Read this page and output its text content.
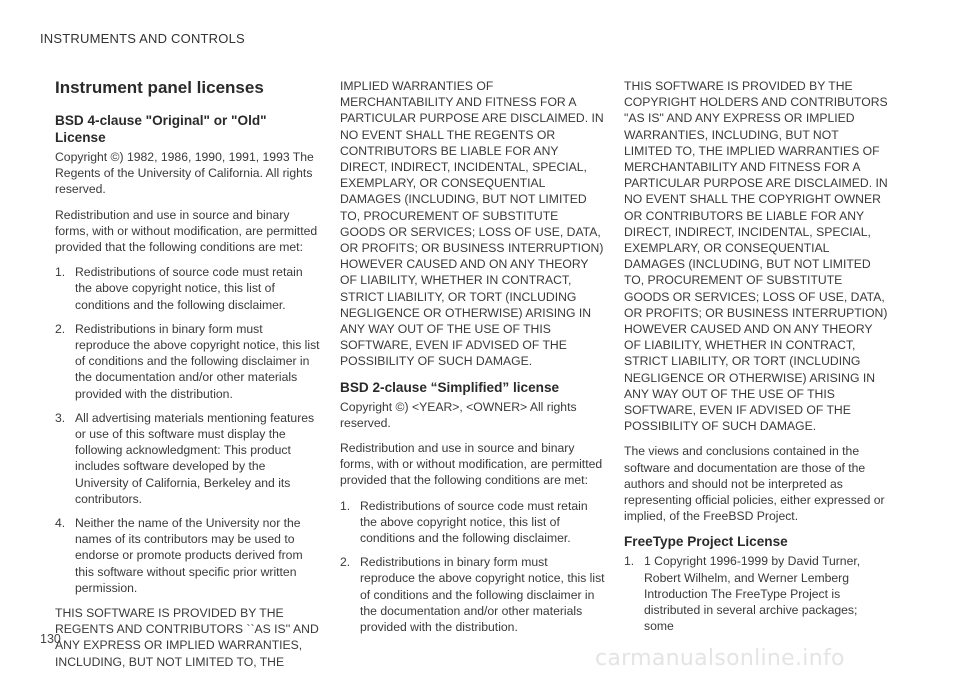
INSTRUMENTS AND CONTROLS
Instrument panel licenses
BSD 4-clause "Original" or "Old" License

Copyright ©) 1982, 1986, 1990, 1991, 1993 The Regents of the University of California. All rights reserved.

Redistribution and use in source and binary forms, with or without modification, are permitted provided that the following conditions are met:

1. Redistributions of source code must retain the above copyright notice, this list of conditions and the following disclaimer.
2. Redistributions in binary form must reproduce the above copyright notice, this list of conditions and the following disclaimer in the documentation and/or other materials provided with the distribution.
3. All advertising materials mentioning features or use of this software must display the following acknowledgment: This product includes software developed by the University of California, Berkeley and its contributors.
4. Neither the name of the University nor the names of its contributors may be used to endorse or promote products derived from this software without specific prior written permission.

THIS SOFTWARE IS PROVIDED BY THE REGENTS AND CONTRIBUTORS ``AS IS'' AND ANY EXPRESS OR IMPLIED WARRANTIES, INCLUDING, BUT NOT LIMITED TO, THE

IMPLIED WARRANTIES OF MERCHANTABILITY AND FITNESS FOR A PARTICULAR PURPOSE ARE DISCLAIMED. IN NO EVENT SHALL THE REGENTS OR CONTRIBUTORS BE LIABLE FOR ANY DIRECT, INDIRECT, INCIDENTAL, SPECIAL, EXEMPLARY, OR CONSEQUENTIAL DAMAGES (INCLUDING, BUT NOT LIMITED TO, PROCUREMENT OF SUBSTITUTE GOODS OR SERVICES; LOSS OF USE, DATA, OR PROFITS; OR BUSINESS INTERRUPTION) HOWEVER CAUSED AND ON ANY THEORY OF LIABILITY, WHETHER IN CONTRACT, STRICT LIABILITY, OR TORT (INCLUDING NEGLIGENCE OR OTHERWISE) ARISING IN ANY WAY OUT OF THE USE OF THIS SOFTWARE, EVEN IF ADVISED OF THE POSSIBILITY OF SUCH DAMAGE.

BSD 2-clause “Simplified” license

Copyright ©) <YEAR>, <OWNER> All rights reserved.

Redistribution and use in source and binary forms, with or without modification, are permitted provided that the following conditions are met:

1. Redistributions of source code must retain the above copyright notice, this list of conditions and the following disclaimer.
2. Redistributions in binary form must reproduce the above copyright notice, this list of conditions and the following disclaimer in the documentation and/or other materials provided with the distribution.

THIS SOFTWARE IS PROVIDED BY THE COPYRIGHT HOLDERS AND CONTRIBUTORS "AS IS" AND ANY EXPRESS OR IMPLIED WARRANTIES, INCLUDING, BUT NOT LIMITED TO, THE IMPLIED WARRANTIES OF MERCHANTABILITY AND FITNESS FOR A PARTICULAR PURPOSE ARE DISCLAIMED. IN NO EVENT SHALL THE COPYRIGHT OWNER OR CONTRIBUTORS BE LIABLE FOR ANY DIRECT, INDIRECT, INCIDENTAL, SPECIAL, EXEMPLARY, OR CONSEQUENTIAL DAMAGES (INCLUDING, BUT NOT LIMITED TO, PROCUREMENT OF SUBSTITUTE GOODS OR SERVICES; LOSS OF USE, DATA, OR PROFITS; OR BUSINESS INTERRUPTION) HOWEVER CAUSED AND ON ANY THEORY OF LIABILITY, WHETHER IN CONTRACT, STRICT LIABILITY, OR TORT (INCLUDING NEGLIGENCE OR OTHERWISE) ARISING IN ANY WAY OUT OF THE USE OF THIS SOFTWARE, EVEN IF ADVISED OF THE POSSIBILITY OF SUCH DAMAGE.

The views and conclusions contained in the software and documentation are those of the authors and should not be interpreted as representing official policies, either expressed or implied, of the FreeBSD Project.

FreeType Project License
1. 1 Copyright 1996-1999 by David Turner, Robert Wilhelm, and Werner Lemberg Introduction The FreeType Project is distributed in several archive packages; some
130
carmanualsonline.info
